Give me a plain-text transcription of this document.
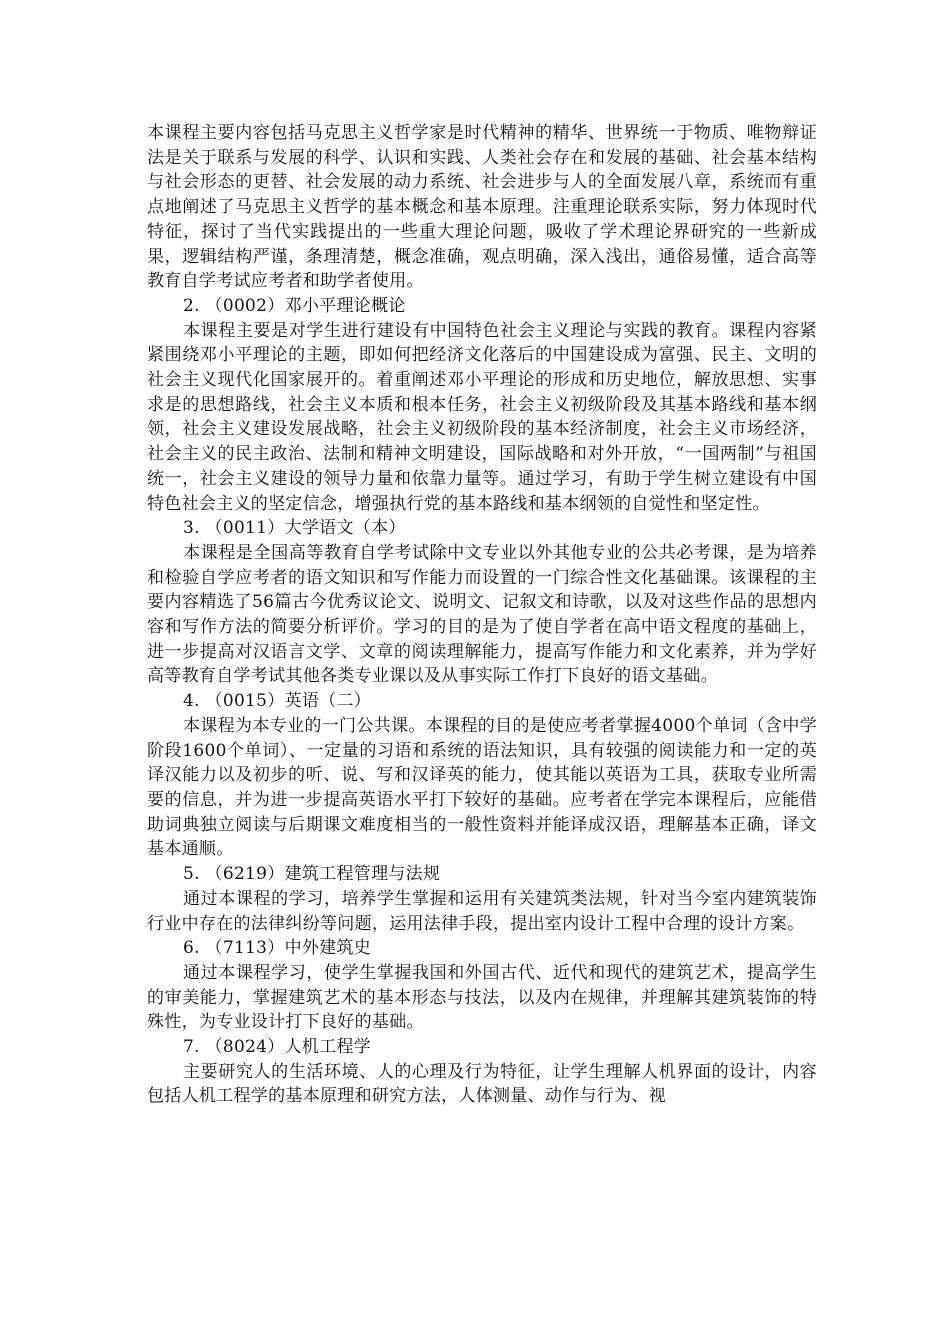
本课程主要内容包括马克思主义哲学家是时代精神的精华、世界统一于物质、唯物辩证法是关于联系与发展的科学、认识和实践、人类社会存在和发展的基础、社会基本结构与社会形态的更替、社会发展的动力系统、社会进步与人的全面发展八章，系统而有重点地阐述了马克思主义哲学的基本概念和基本原理。注重理论联系实际，努力体现时代特征，探讨了当代实践提出的一些重大理论问题，吸收了学术理论界研究的一些新成果，逻辑结构严谨，条理清楚，概念准确，观点明确，深入浅出，通俗易懂，适合高等教育自学考试应考者和助学者使用。

2. （0002）邓小平理论概论

本课程主要是对学生进行建设有中国特色社会主义理论与实践的教育。课程内容紧紧围绕邓小平理论的主题，即如何把经济文化落后的中国建设成为富强、民主、文明的社会主义现代化国家展开的。着重阐述邓小平理论的形成和历史地位，解放思想、实事求是的思想路线，社会主义本质和根本任务，社会主义初级阶段及其基本路线和基本纲领，社会主义建设发展战略，社会主义初级阶段的基本经济制度，社会主义市场经济，社会主义的民主政治、法制和精神文明建设，国际战略和对外开放，“一国两制”与祖国统一，社会主义建设的领导力量和依靠力量等。通过学习，有助于学生树立建设有中国特色社会主义的坚定信念，增强执行党的基本路线和基本纲领的自觉性和坚定性。

3. （0011）大学语文（本）

本课程是全国高等教育自学考试除中文专业以外其他专业的公共必考课，是为培养和检验自学应考者的语文知识和写作能力而设置的一门综合性文化基础课。该课程的主要内容精选了56篇古今优秀议论文、说明文、记叙文和诗歌，以及对这些作品的思想内容和写作方法的简要分析评价。学习的目的是为了使自学者在高中语文程度的基础上，进一步提高对汉语言文学、文章的阅读理解能力，提高写作能力和文化素养，并为学好高等教育自学考试其他各类专业课以及从事实际工作打下良好的语文基础。

4. （0015）英语（二）

本课程为本专业的一门公共课。本课程的目的是使应考者掌握4000个单词（含中学阶段1600个单词）、一定量的习语和系统的语法知识，具有较强的阅读能力和一定的英译汉能力以及初步的听、说、写和汉译英的能力，使其能以英语为工具，获取专业所需要的信息，并为进一步提高英语水平打下较好的基础。应考者在学完本课程后，应能借助词典独立阅读与后期课文难度相当的一般性资料并能译成汉语，理解基本正确，译文基本通顺。

5. （6219）建筑工程管理与法规

通过本课程的学习，培养学生掌握和运用有关建筑类法规，针对当今室内建筑装饰行业中存在的法律纠纷等问题，运用法律手段，提出室内设计工程中合理的设计方案。

6. （7113）中外建筑史

通过本课程学习，使学生掌握我国和外国古代、近代和现代的建筑艺术，提高学生的审美能力，掌握建筑艺术的基本形态与技法，以及内在规律，并理解其建筑装饰的特殊性，为专业设计打下良好的基础。

7. （8024）人机工程学

主要研究人的生活环境、人的心理及行为特征，让学生理解人机界面的设计，内容包括人机工程学的基本原理和研究方法，人体测量、动作与行为、视
